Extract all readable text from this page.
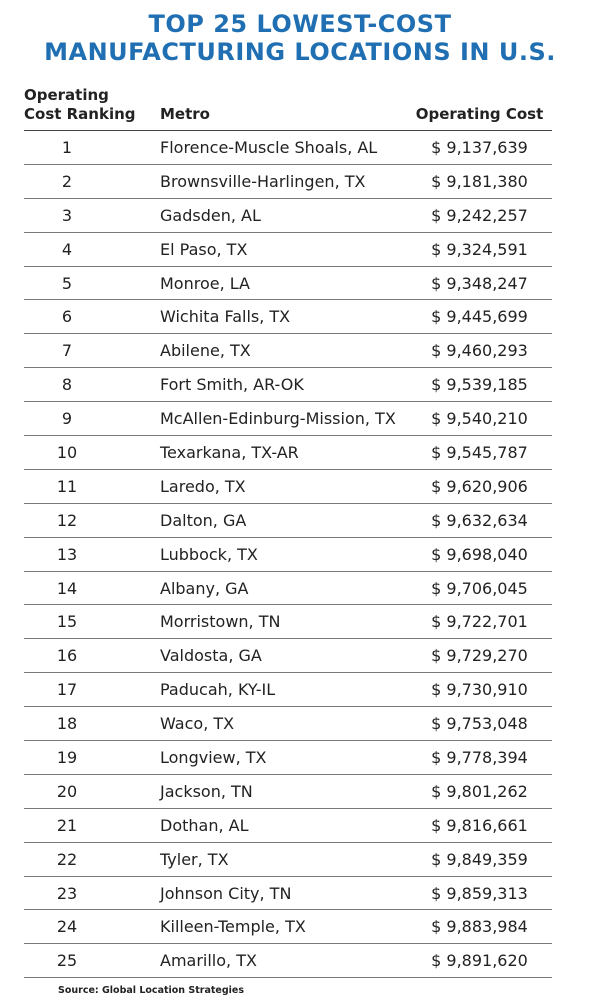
TOP 25 LOWEST-COST
MANUFACTURING LOCATIONS IN U.S.
Operating
Cost Ranking	Metro	Operating Cost
1	Florence-Muscle Shoals, AL	$ 9,137,639
2	Brownsville-Harlingen, TX	$ 9,181,380
3	Gadsden, AL	$ 9,242,257
4	El Paso, TX	$ 9,324,591
5	Monroe, LA	$ 9,348,247
6	Wichita Falls, TX	$ 9,445,699
7	Abilene, TX	$ 9,460,293
8	Fort Smith, AR-OK	$ 9,539,185
9	McAllen-Edinburg-Mission, TX	$ 9,540,210
10	Texarkana, TX-AR	$ 9,545,787
11	Laredo, TX	$ 9,620,906
12	Dalton, GA	$ 9,632,634
13	Lubbock, TX	$ 9,698,040
14	Albany, GA	$ 9,706,045
15	Morristown, TN	$ 9,722,701
16	Valdosta, GA	$ 9,729,270
17	Paducah, KY-IL	$ 9,730,910
18	Waco, TX	$ 9,753,048
19	Longview, TX	$ 9,778,394
20	Jackson, TN	$ 9,801,262
21	Dothan, AL	$ 9,816,661
22	Tyler, TX	$ 9,849,359
23	Johnson City, TN	$ 9,859,313
24	Killeen-Temple, TX	$ 9,883,984
25	Amarillo, TX	$ 9,891,620
Source: Global Location Strategies
